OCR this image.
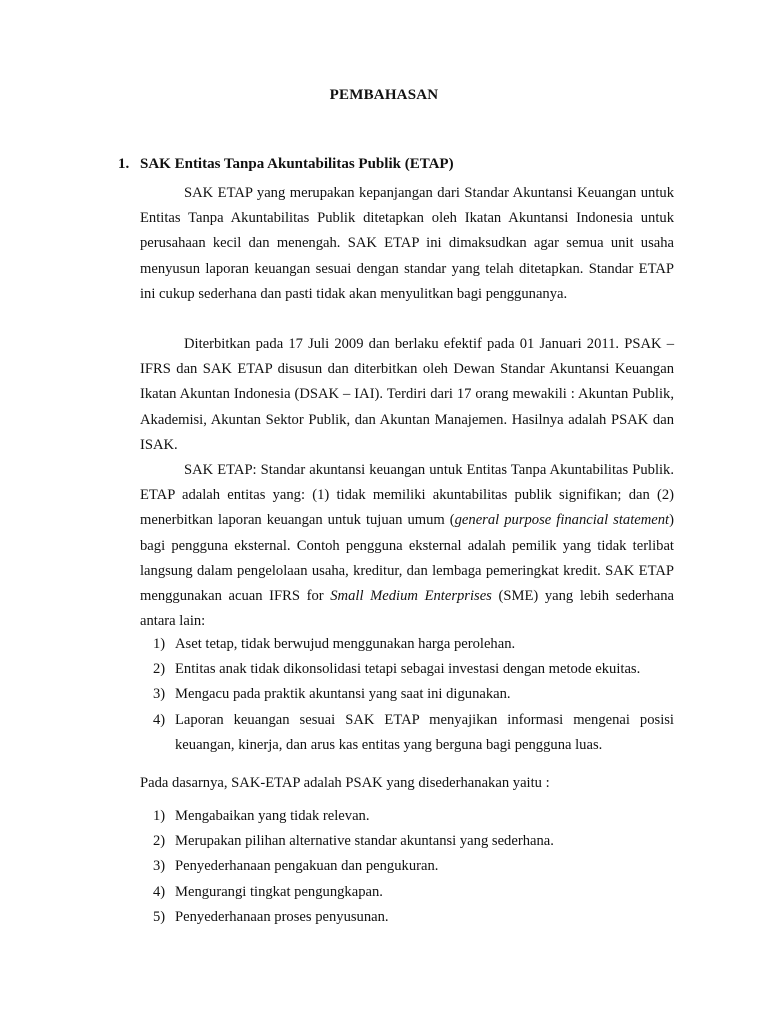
PEMBAHASAN
1. SAK Entitas Tanpa Akuntabilitas Publik (ETAP)

SAK ETAP yang merupakan kepanjangan dari Standar Akuntansi Keuangan untuk Entitas Tanpa Akuntabilitas Publik ditetapkan oleh Ikatan Akuntansi Indonesia untuk perusahaan kecil dan menengah. SAK ETAP ini dimaksudkan agar semua unit usaha menyusun laporan keuangan sesuai dengan standar yang telah ditetapkan. Standar ETAP ini cukup sederhana dan pasti tidak akan menyulitkan bagi penggunanya.

Diterbitkan pada 17 Juli 2009 dan berlaku efektif pada 01 Januari 2011. PSAK – IFRS dan SAK ETAP disusun dan diterbitkan oleh Dewan Standar Akuntansi Keuangan Ikatan Akuntan Indonesia (DSAK – IAI). Terdiri dari 17 orang mewakili : Akuntan Publik, Akademisi, Akuntan Sektor Publik, dan Akuntan Manajemen. Hasilnya adalah PSAK dan ISAK.

SAK ETAP: Standar akuntansi keuangan untuk Entitas Tanpa Akuntabilitas Publik. ETAP adalah entitas yang: (1) tidak memiliki akuntabilitas publik signifikan; dan (2) menerbitkan laporan keuangan untuk tujuan umum (general purpose financial statement) bagi pengguna eksternal. Contoh pengguna eksternal adalah pemilik yang tidak terlibat langsung dalam pengelolaan usaha, kreditur, dan lembaga pemeringkat kredit. SAK ETAP menggunakan acuan IFRS for Small Medium Enterprises (SME) yang lebih sederhana antara lain:

1) Aset tetap, tidak berwujud menggunakan harga perolehan.
2) Entitas anak tidak dikonsolidasi tetapi sebagai investasi dengan metode ekuitas.
3) Mengacu pada praktik akuntansi yang saat ini digunakan.
4) Laporan keuangan sesuai SAK ETAP menyajikan informasi mengenai posisi keuangan, kinerja, dan arus kas entitas yang berguna bagi pengguna luas.

Pada dasarnya, SAK-ETAP adalah PSAK yang disederhanakan yaitu :

1) Mengabaikan yang tidak relevan.
2) Merupakan pilihan alternative standar akuntansi yang sederhana.
3) Penyederhanaan pengakuan dan pengukuran.
4) Mengurangi tingkat pengungkapan.
5) Penyederhanaan proses penyusunan.
